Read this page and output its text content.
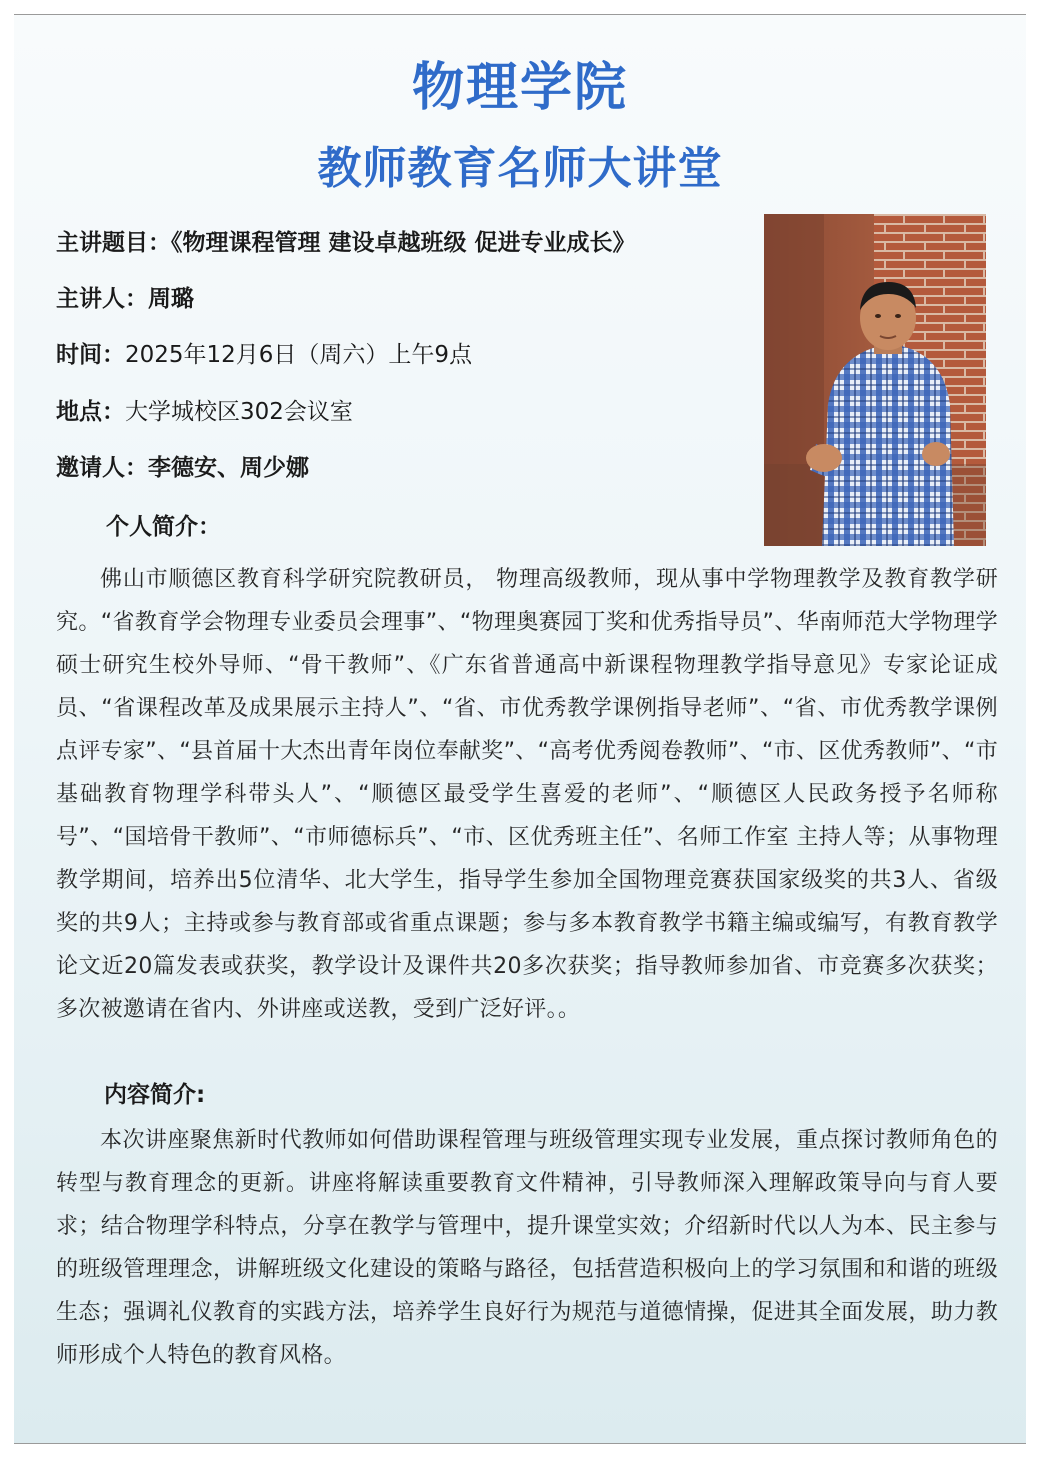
物理学院
教师教育名师大讲堂
主讲题目：《物理课程管理 建设卓越班级 促进专业成长》
主讲人：周璐
时间：2025年12月6日（周六）上午9点
地点：大学城校区302会议室
邀请人：李德安、周少娜
个人简介：

佛山市顺德区教育科学研究院教研员， 物理高级教师，现从事中学物理教学及教育教学研究。“省教育学会物理专业委员会理事”、“物理奥赛园丁奖和优秀指导员”、华南师范大学物理学硕士研究生校外导师、“骨干教师”、《广东省普通高中新课程物理教学指导意见》专家论证成员、“省课程改革及成果展示主持人”、“省、市优秀教学课例指导老师”、“省、市优秀教学课例点评专家”、“县首届十大杰出青年岗位奉献奖”、“高考优秀阅卷教师”、“市、区优秀教师”、“市基础教育物理学科带头人”、“顺德区最受学生喜爱的老师”、“顺德区人民政务授予名师称号”、“国培骨干教师”、“市师德标兵”、“市、区优秀班主任”、名师工作室 主持人等；从事物理教学期间，培养出5位清华、北大学生，指导学生参加全国物理竞赛获国家级奖的共3人、省级奖的共9人；主持或参与教育部或省重点课题；参与多本教育教学书籍主编或编写，有教育教学论文近20篇发表或获奖，教学设计及课件共20多次获奖；指导教师参加省、市竞赛多次获奖；多次被邀请在省内、外讲座或送教，受到广泛好评。。

内容简介:

本次讲座聚焦新时代教师如何借助课程管理与班级管理实现专业发展，重点探讨教师角色的转型与教育理念的更新。讲座将解读重要教育文件精神，引导教师深入理解政策导向与育人要求；结合物理学科特点，分享在教学与管理中，提升课堂实效；介绍新时代以人为本、民主参与的班级管理理念，讲解班级文化建设的策略与路径，包括营造积极向上的学习氛围和和谐的班级生态；强调礼仪教育的实践方法，培养学生良好行为规范与道德情操，促进其全面发展，助力教师形成个人特色的教育风格。
